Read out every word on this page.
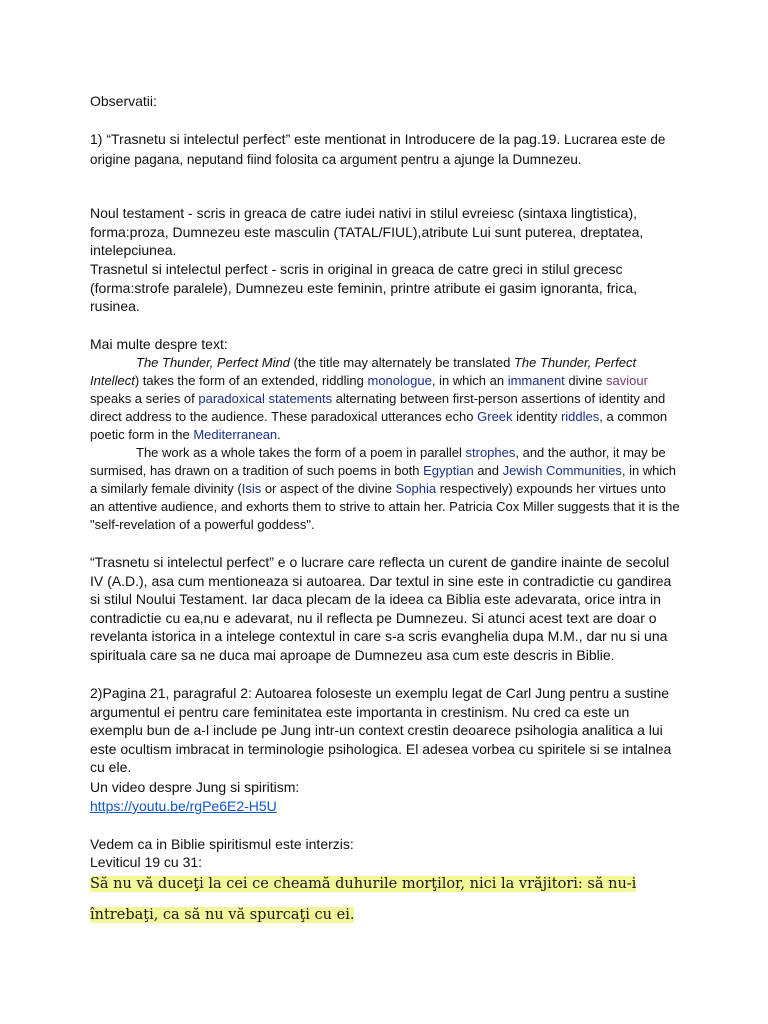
Observatii:

1) “Trasnetu si intelectul perfect” este mentionat in Introducere de la pag.19. Lucrarea este de origine pagana, neputand fiind folosita ca argument pentru a ajunge la Dumnezeu.

Noul testament - scris in greaca de catre iudei nativi in stilul evreiesc (sintaxa lingtistica), forma:proza, Dumnezeu este masculin (TATAL/FIUL),atribute Lui sunt puterea, dreptatea, intelepciunea.

Trasnetul si intelectul perfect - scris in original in greaca de catre greci in stilul grecesc (forma:strofe paralele), Dumnezeu este feminin, printre atribute ei gasim ignoranta, frica, rusinea.

Mai multe despre text:

The Thunder, Perfect Mind (the title may alternately be translated The Thunder, Perfect Intellect) takes the form of an extended, riddling monologue, in which an immanent divine saviour speaks a series of paradoxical statements alternating between first-person assertions of identity and direct address to the audience. These paradoxical utterances echo Greek identity riddles, a common poetic form in the Mediterranean.

The work as a whole takes the form of a poem in parallel strophes, and the author, it may be surmised, has drawn on a tradition of such poems in both Egyptian and Jewish Communities, in which a similarly female divinity (Isis or aspect of the divine Sophia respectively) expounds her virtues unto an attentive audience, and exhorts them to strive to attain her. Patricia Cox Miller suggests that it is the "self-revelation of a powerful goddess".

“Trasnetu si intelectul perfect” e o lucrare care reflecta un curent de gandire inainte de secolul IV (A.D.), asa cum mentioneaza si autoarea. Dar textul in sine este in contradictie cu gandirea si stilul Noului Testament. Iar daca plecam de la ideea ca Biblia este adevarata, orice intra in contradictie cu ea,nu e adevarat, nu il reflecta pe Dumnezeu. Si atunci acest text are doar o revelanta istorica in a intelege contextul in care s-a scris evanghelia dupa M.M., dar nu si una spirituala care sa ne duca mai aproape de Dumnezeu asa cum este descris in Biblie.

2)Pagina 21, paragraful 2: Autoarea foloseste un exemplu legat de Carl Jung pentru a sustine argumentul ei pentru care feminitatea este importanta in crestinism. Nu cred ca este un exemplu bun de a-l include pe Jung intr-un context crestin deoarece psihologia analitica a lui este ocultism imbracat in terminologie psihologica. El adesea vorbea cu spiritele si se intalnea cu ele.

Un video despre Jung si spiritism:

https://youtu.be/rgPe6E2-H5U

Vedem ca in Biblie spiritismul este interzis:

Leviticul 19 cu 31:

Să nu vă duceţi la cei ce cheamă duhurile morţilor, nici la vrăjitori: să nu-i întrebaţi, ca să nu vă spurcaţi cu ei.
